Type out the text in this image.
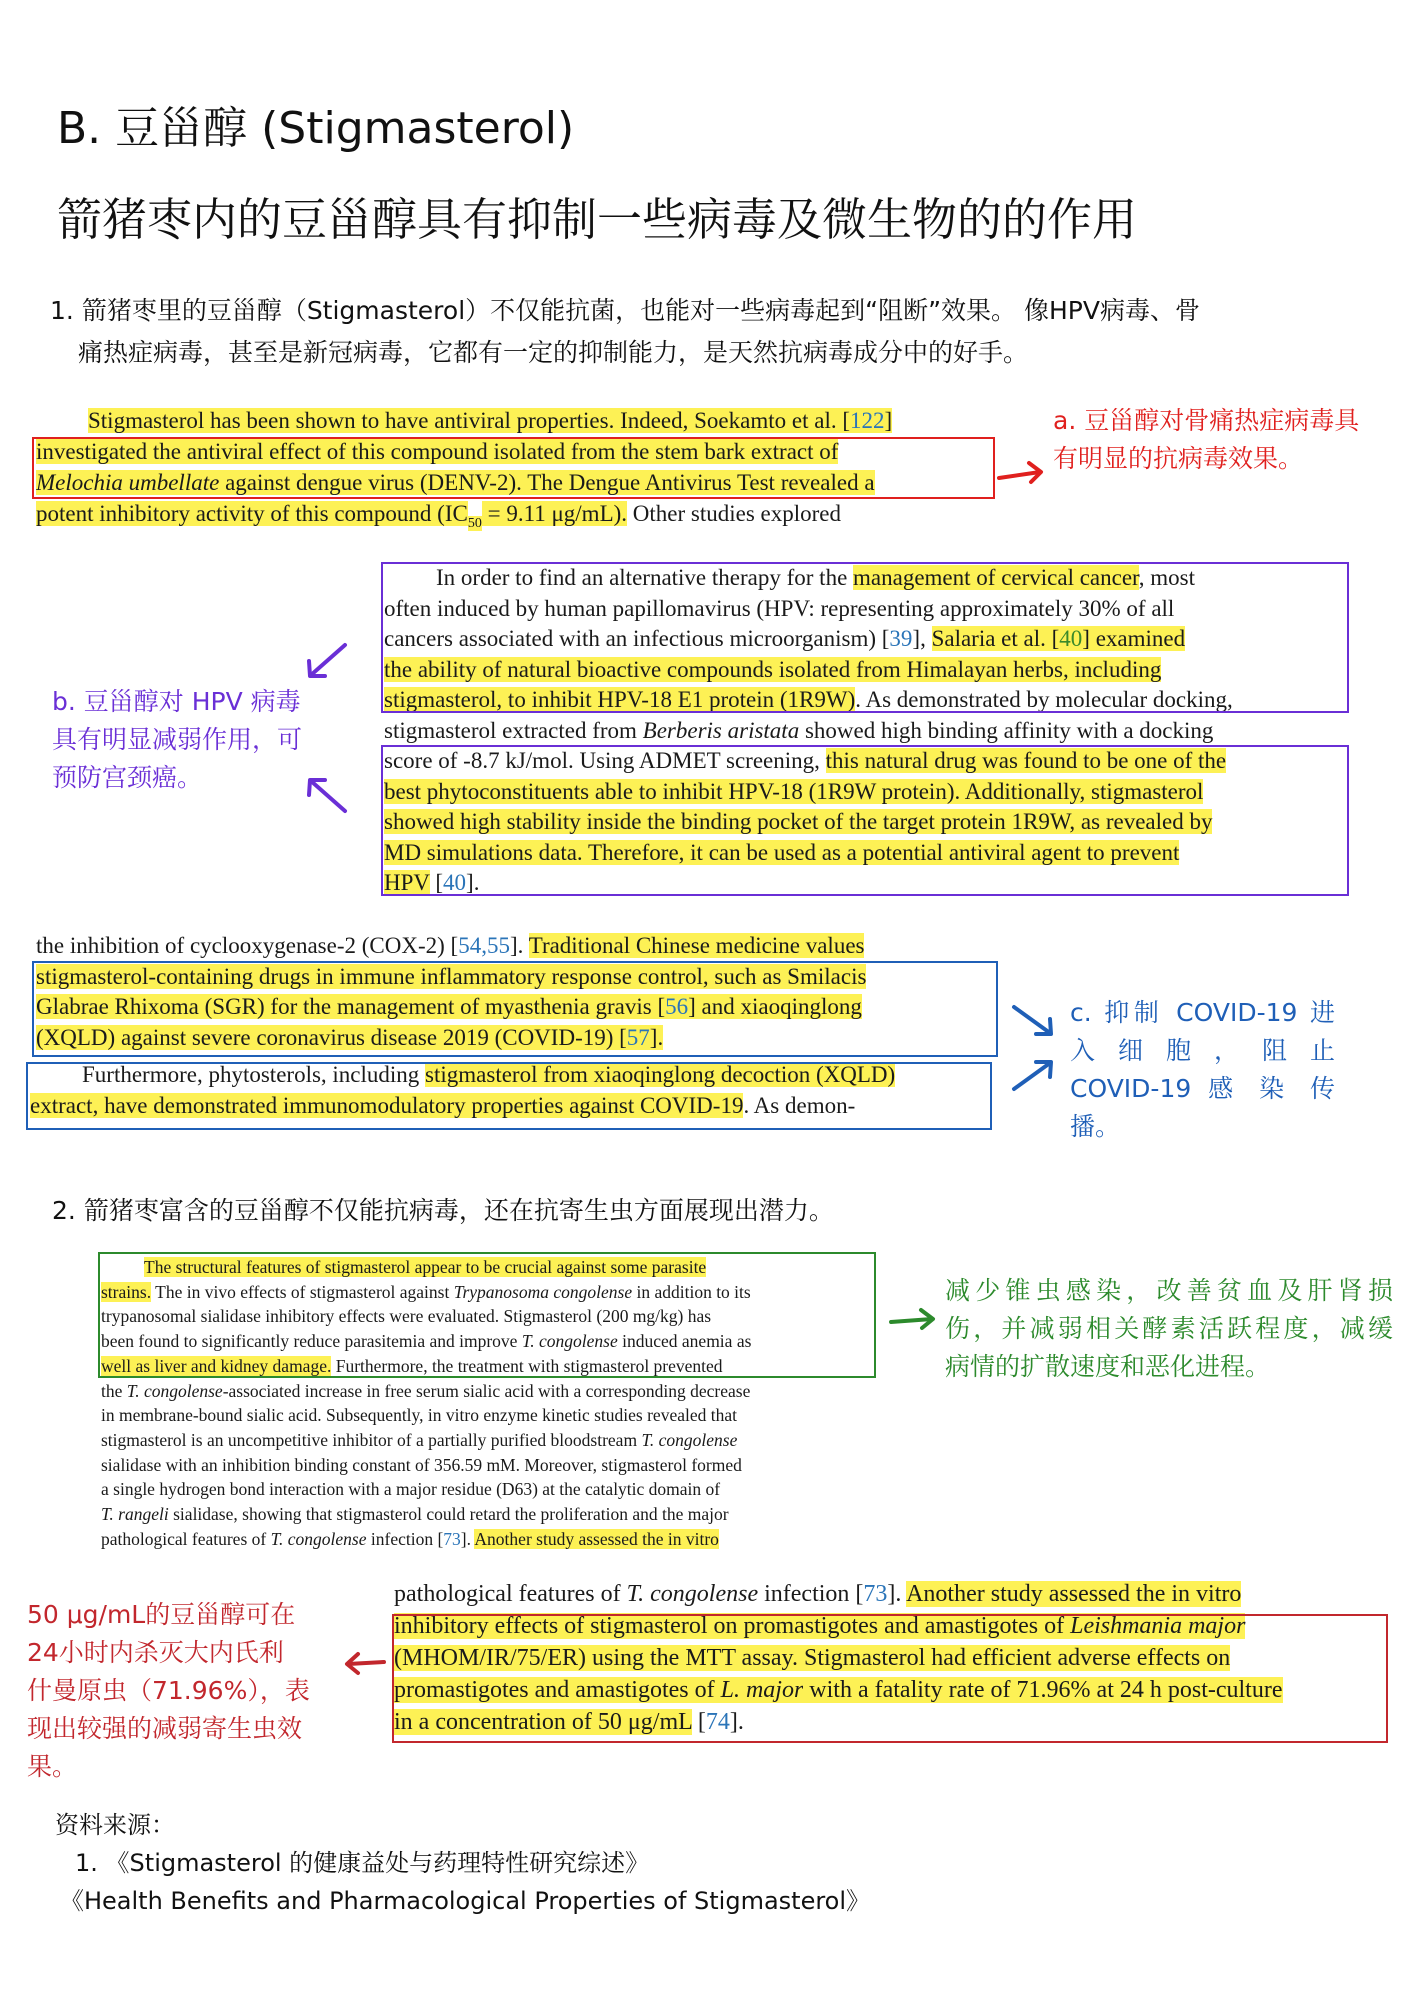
B. 豆甾醇 (Stigmasterol)
箭猪枣内的豆甾醇具有抑制一些病毒及微生物的的作用
1. 箭猪枣里的豆甾醇（Stigmasterol）不仅能抗菌，也能对一些病毒起到“阻断”效果。 像HPV病毒、骨
痛热症病毒，甚至是新冠病毒，它都有一定的抑制能力，是天然抗病毒成分中的好手。
Stigmasterol has been shown to have antiviral properties. Indeed, Soekamto et al. [122]
investigated the antiviral effect of this compound isolated from the stem bark extract of
Melochia umbellate against dengue virus (DENV-2). The Dengue Antivirus Test revealed a
potent inhibitory activity of this compound ($IC_{50} = 9.11$ μg/mL). Other studies explored
a. 豆甾醇对骨痛热症病毒具
有明显的抗病毒效果。
In order to find an alternative therapy for the management of cervical cancer, most
often induced by human papillomavirus (HPV: representing approximately 30% of all
cancers associated with an infectious microorganism) [39], Salaria et al. [40] examined
the ability of natural bioactive compounds isolated from Himalayan herbs, including
stigmasterol, to inhibit HPV-18 E1 protein (1R9W). As demonstrated by molecular docking,
stigmasterol extracted from Berberis aristata showed high binding affinity with a docking
score of -8.7 kJ/mol. Using ADMET screening, this natural drug was found to be one of the
best phytoconstituents able to inhibit HPV-18 (1R9W protein). Additionally, stigmasterol
showed high stability inside the binding pocket of the target protein 1R9W, as revealed by
MD simulations data. Therefore, it can be used as a potential antiviral agent to prevent
HPV [40].
b. 豆甾醇对 HPV 病毒
具有明显减弱作用，可
预防宫颈癌。
the inhibition of cyclooxygenase-2 (COX-2) [54,55]. Traditional Chinese medicine values
stigmasterol-containing drugs in immune inflammatory response control, such as Smilacis
Glabrae Rhixoma (SGR) for the management of myasthenia gravis [56] and xiaoqinglong
(XQLD) against severe coronavirus disease 2019 (COVID-19) [57].
Furthermore, phytosterols, including stigmasterol from xiaoqinglong decoction (XQLD)
extract, have demonstrated immunomodulatory properties against COVID-19. As demon-
c. 抑制 COVID-19 进
入 细 胞 ， 阻 止
COVID-19 感 染 传
播。
2. 箭猪枣富含的豆甾醇不仅能抗病毒，还在抗寄生虫方面展现出潜力。
The structural features of stigmasterol appear to be crucial against some parasite
strains. The in vivo effects of stigmasterol against Trypanosoma congolense in addition to its
trypanosomal sialidase inhibitory effects were evaluated. Stigmasterol (200 mg/kg) has
been found to significantly reduce parasitemia and improve T. congolense induced anemia as
well as liver and kidney damage. Furthermore, the treatment with stigmasterol prevented
the T. congolense-associated increase in free serum sialic acid with a corresponding decrease
in membrane-bound sialic acid. Subsequently, in vitro enzyme kinetic studies revealed that
stigmasterol is an uncompetitive inhibitor of a partially purified bloodstream T. congolense
sialidase with an inhibition binding constant of 356.59 mM. Moreover, stigmasterol formed
a single hydrogen bond interaction with a major residue (D63) at the catalytic domain of
T. rangeli sialidase, showing that stigmasterol could retard the proliferation and the major
pathological features of T. congolense infection [73]. Another study assessed the in vitro
减少锥虫感染，改善贫血及肝肾损
伤，并减弱相关酵素活跃程度，减缓
病情的扩散速度和恶化进程。
pathological features of T. congolense infection [73]. Another study assessed the in vitro
inhibitory effects of stigmasterol on promastigotes and amastigotes of Leishmania major
(MHOM/IR/75/ER) using the MTT assay. Stigmasterol had efficient adverse effects on
promastigotes and amastigotes of L. major with a fatality rate of 71.96% at 24 h post-culture
in a concentration of 50 μg/mL [74].
50 μg/mL的豆甾醇可在
24小时内杀灭大内氏利
什曼原虫（71.96%），表
现出较强的减弱寄生虫效
果。
资料来源：
1. 《Stigmasterol 的健康益处与药理特性研究综述》
《Health Benefits and Pharmacological Properties of Stigmasterol》
